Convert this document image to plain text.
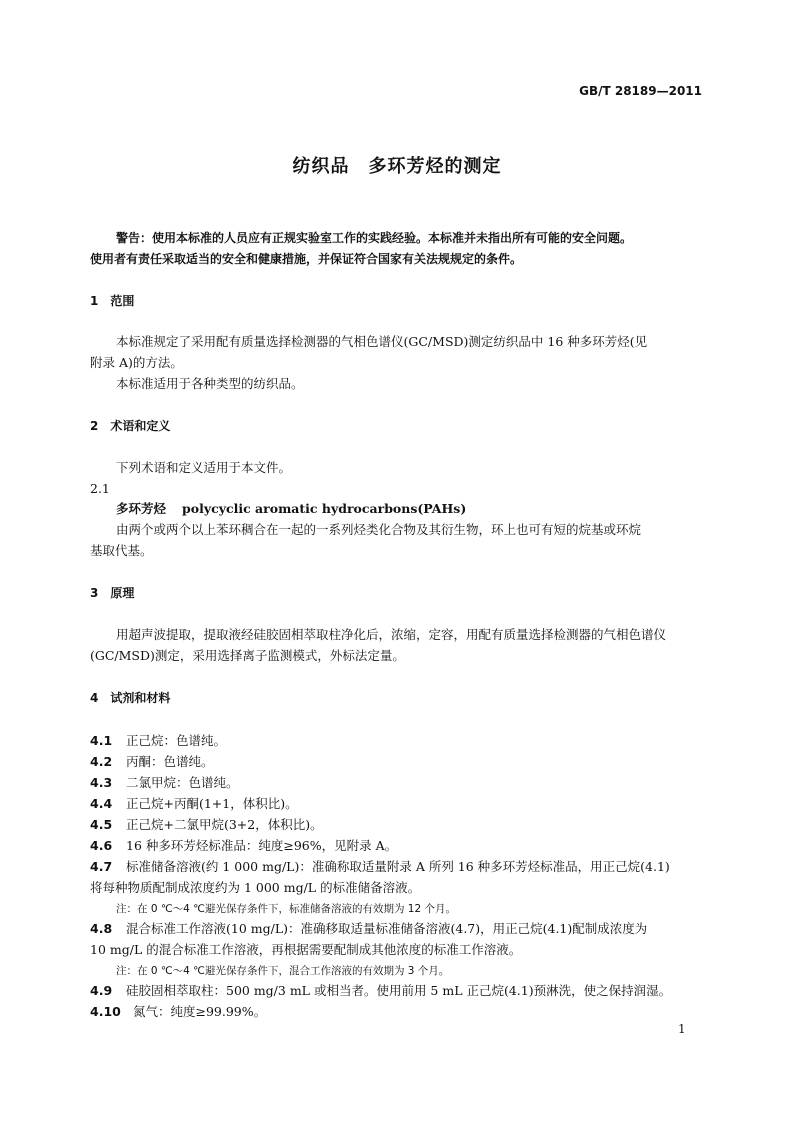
GB/T 28189—2011
纺织品　多环芳烃的测定
警告：使用本标准的人员应有正规实验室工作的实践经验。本标准并未指出所有可能的安全问题。
使用者有责任采取适当的安全和健康措施，并保证符合国家有关法规规定的条件。
1　范围
本标准规定了采用配有质量选择检测器的气相色谱仪(GC/MSD)测定纺织品中 16 种多环芳烃(见
附录 A)的方法。
本标准适用于各种类型的纺织品。
2　术语和定义
下列术语和定义适用于本文件。
2.1
多环芳烃 polycyclic aromatic hydrocarbons(PAHs)
由两个或两个以上苯环稠合在一起的一系列烃类化合物及其衍生物，环上也可有短的烷基或环烷
基取代基。
3　原理
用超声波提取，提取液经硅胶固相萃取柱净化后，浓缩，定容，用配有质量选择检测器的气相色谱仪
(GC/MSD)测定，采用选择离子监测模式，外标法定量。
4　试剂和材料
4.1 正己烷：色谱纯。
4.2 丙酮：色谱纯。
4.3 二氯甲烷：色谱纯。
4.4 正己烷+丙酮(1+1，体积比)。
4.5 正己烷+二氯甲烷(3+2，体积比)。
4.6 16 种多环芳烃标准品：纯度≥96%，见附录 A。
4.7 标准储备溶液(约 1 000 mg/L)：准确称取适量附录 A 所列 16 种多环芳烃标准品，用正己烷(4.1)
将每种物质配制成浓度约为 1 000 mg/L 的标准储备溶液。
注：在 0 ℃～4 ℃避光保存条件下，标准储备溶液的有效期为 12 个月。
4.8 混合标准工作溶液(10 mg/L)：准确移取适量标准储备溶液(4.7)，用正己烷(4.1)配制成浓度为
10 mg/L 的混合标准工作溶液，再根据需要配制成其他浓度的标准工作溶液。
注：在 0 ℃～4 ℃避光保存条件下，混合工作溶液的有效期为 3 个月。
4.9 硅胶固相萃取柱：500 mg/3 mL 或相当者。使用前用 5 mL 正己烷(4.1)预淋洗，使之保持润湿。
4.10 氮气：纯度≥99.99%。
1
